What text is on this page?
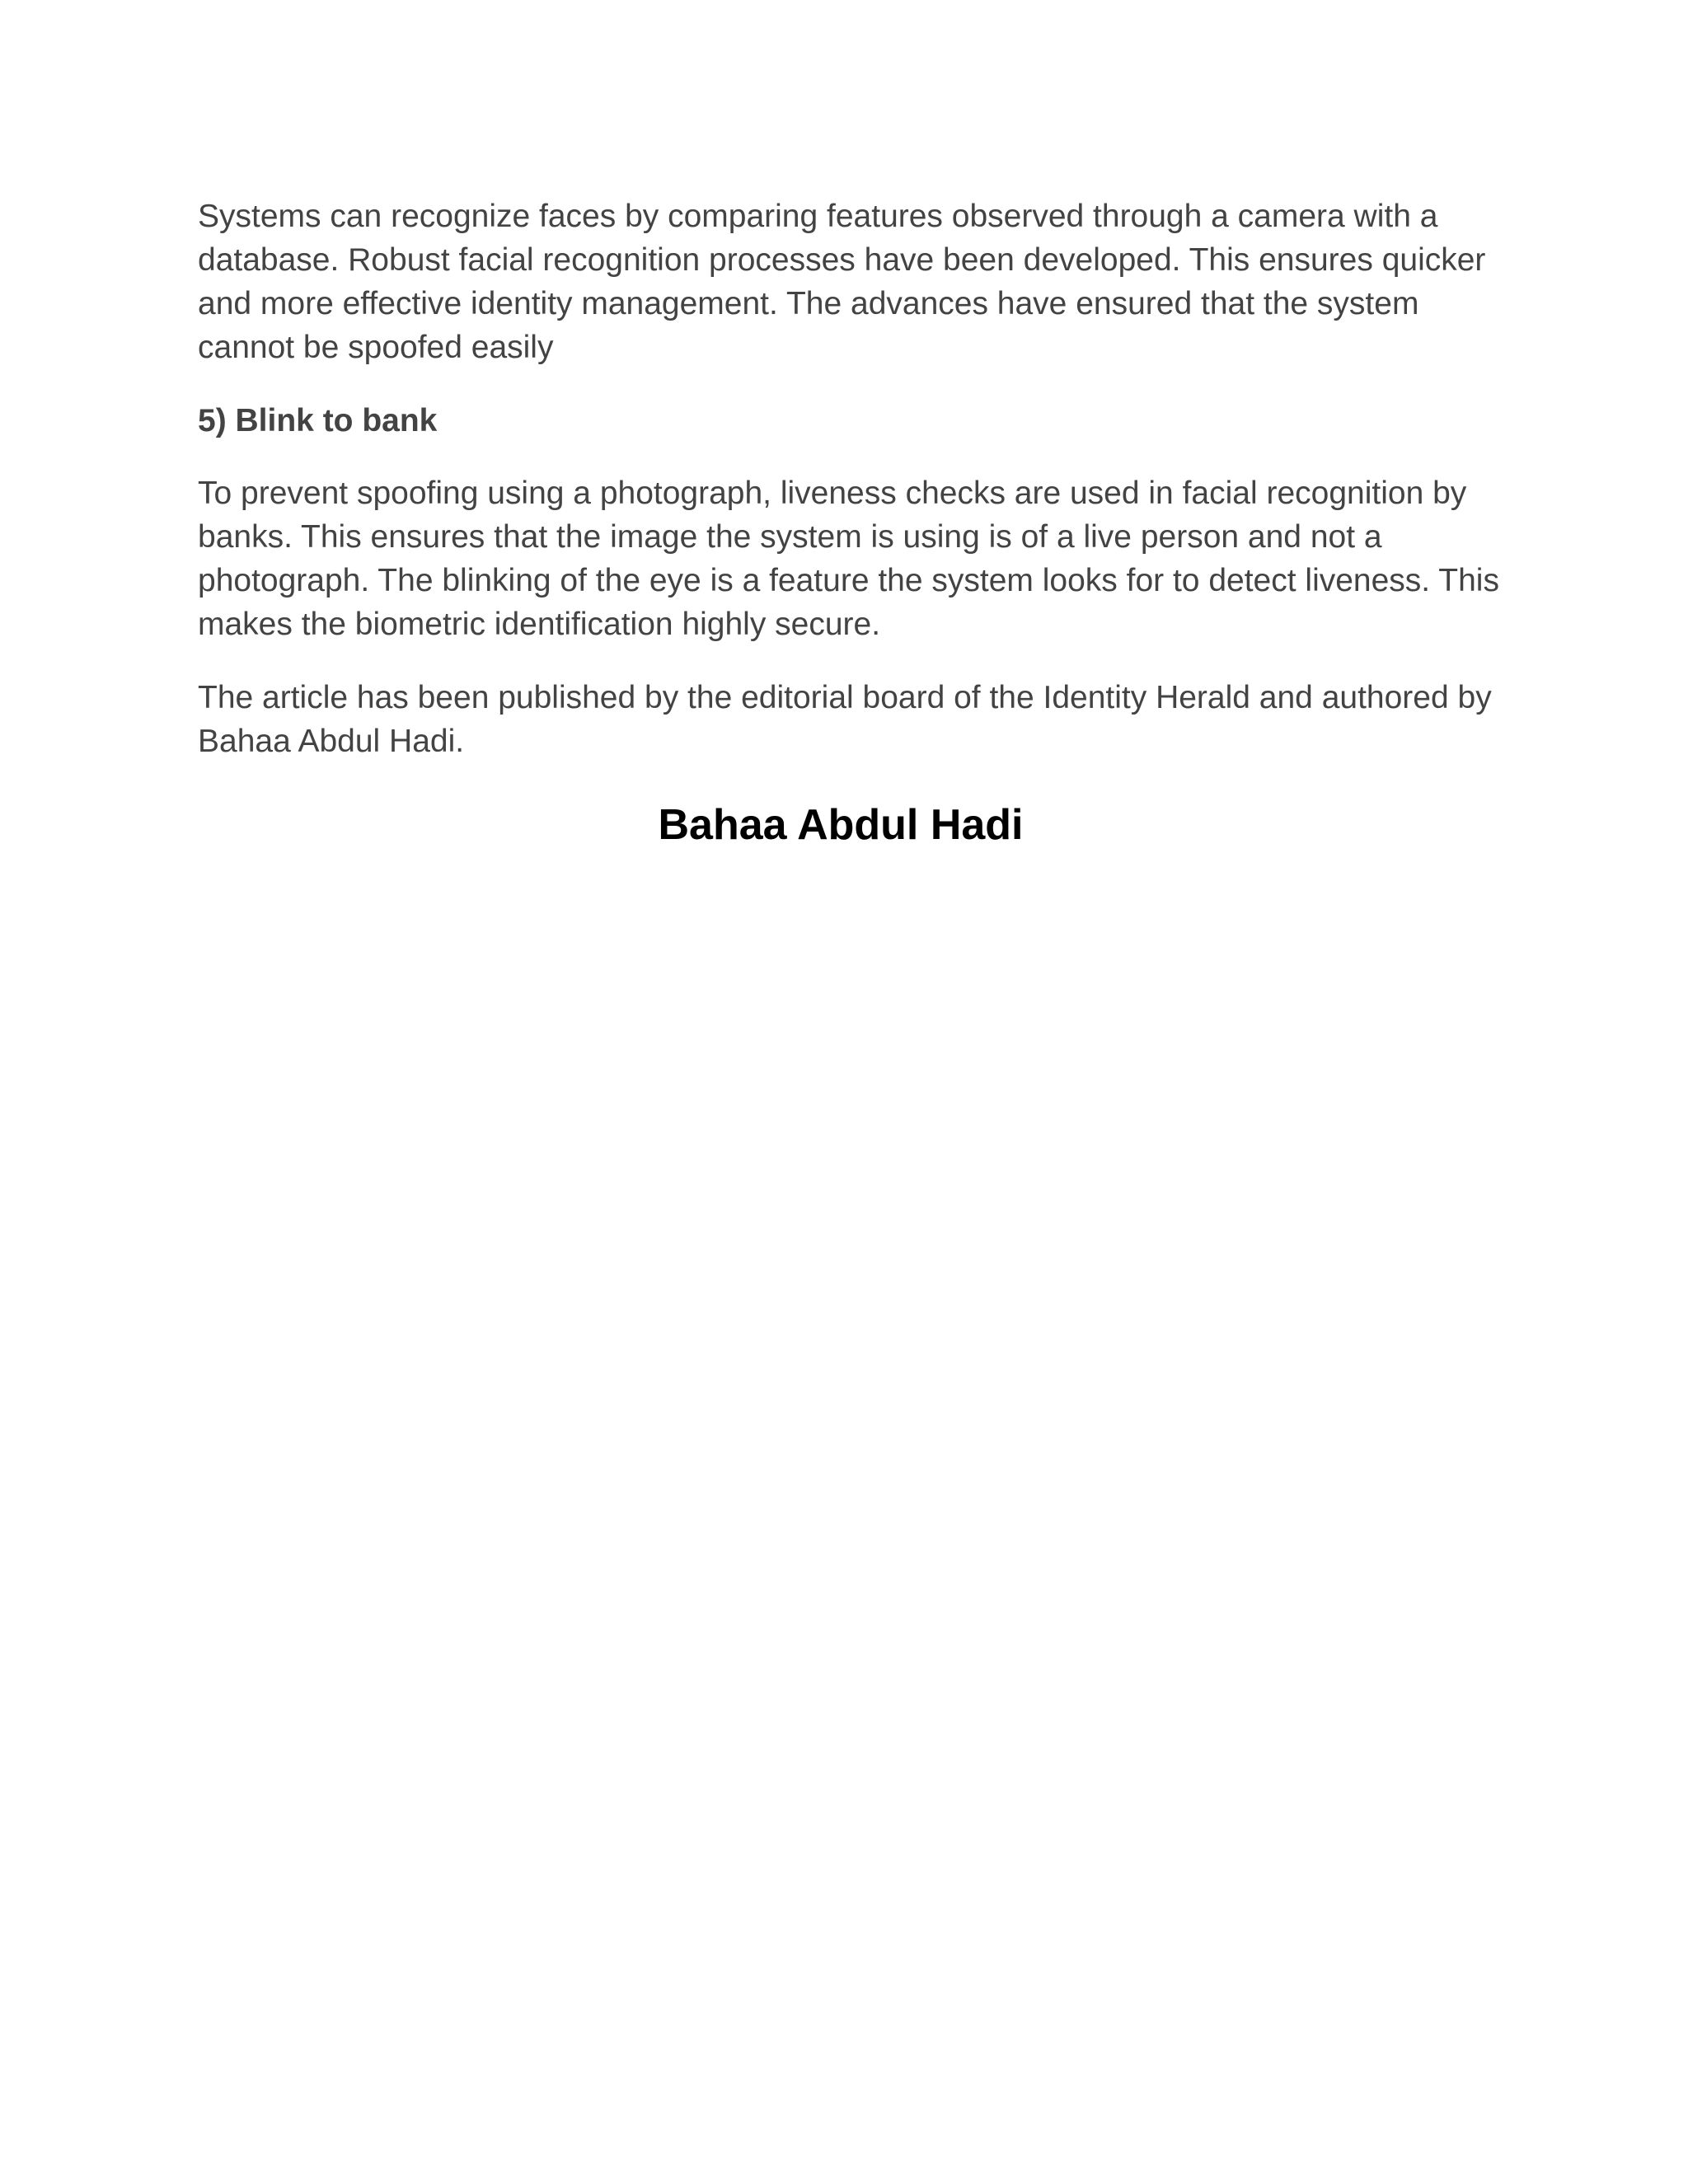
Systems can recognize faces by comparing features observed through a camera with a database. Robust facial recognition processes have been developed. This ensures quicker and more effective identity management. The advances have ensured that the system cannot be spoofed easily

5) Blink to bank

To prevent spoofing using a photograph, liveness checks are used in facial recognition by banks. This ensures that the image the system is using is of a live person and not a photograph. The blinking of the eye is a feature the system looks for to detect liveness. This makes the biometric identification highly secure.

The article has been published by the editorial board of the Identity Herald and authored by Bahaa Abdul Hadi.

Bahaa Abdul Hadi
